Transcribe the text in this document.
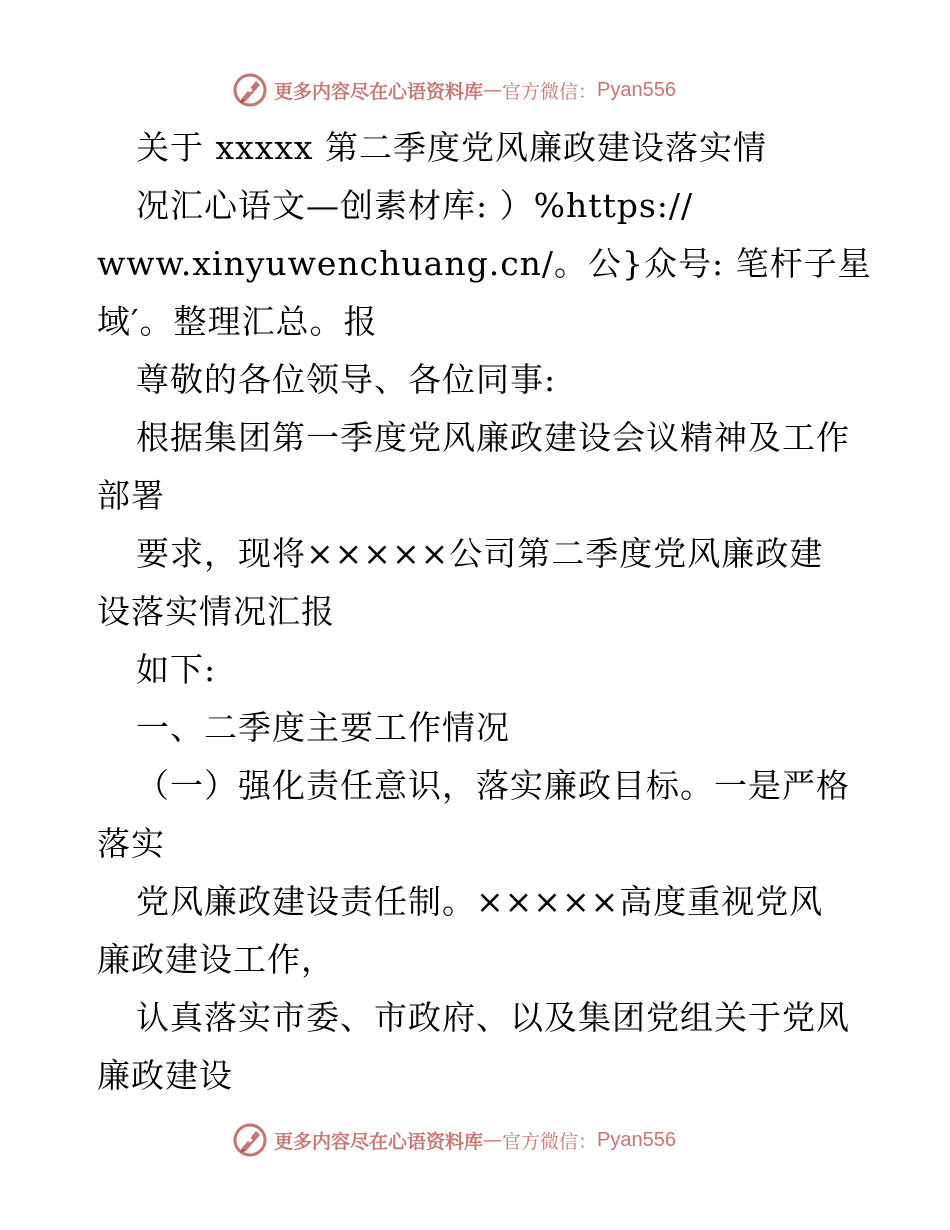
更多内容尽在心语资料库 — 官方微信： Pyan556
关于 xxxxx 第二季度党风廉政建设落实情
况汇心语文—创素材库: ）%https://
www.xinyuwenchuang.cn/。公}众号: 笔杆子星
域′。整理汇总。报
尊敬的各位领导、各位同事:
根据集团第一季度党风廉政建设会议精神及工作
部署
要求，现将×××××公司第二季度党风廉政建
设落实情况汇报
如下:
一、二季度主要工作情况
（一）强化责任意识，落实廉政目标。一是严格
落实
党风廉政建设责任制。×××××高度重视党风
廉政建设工作，
认真落实市委、市政府、以及集团党组关于党风
廉政建设
更多内容尽在心语资料库 — 官方微信： Pyan556
